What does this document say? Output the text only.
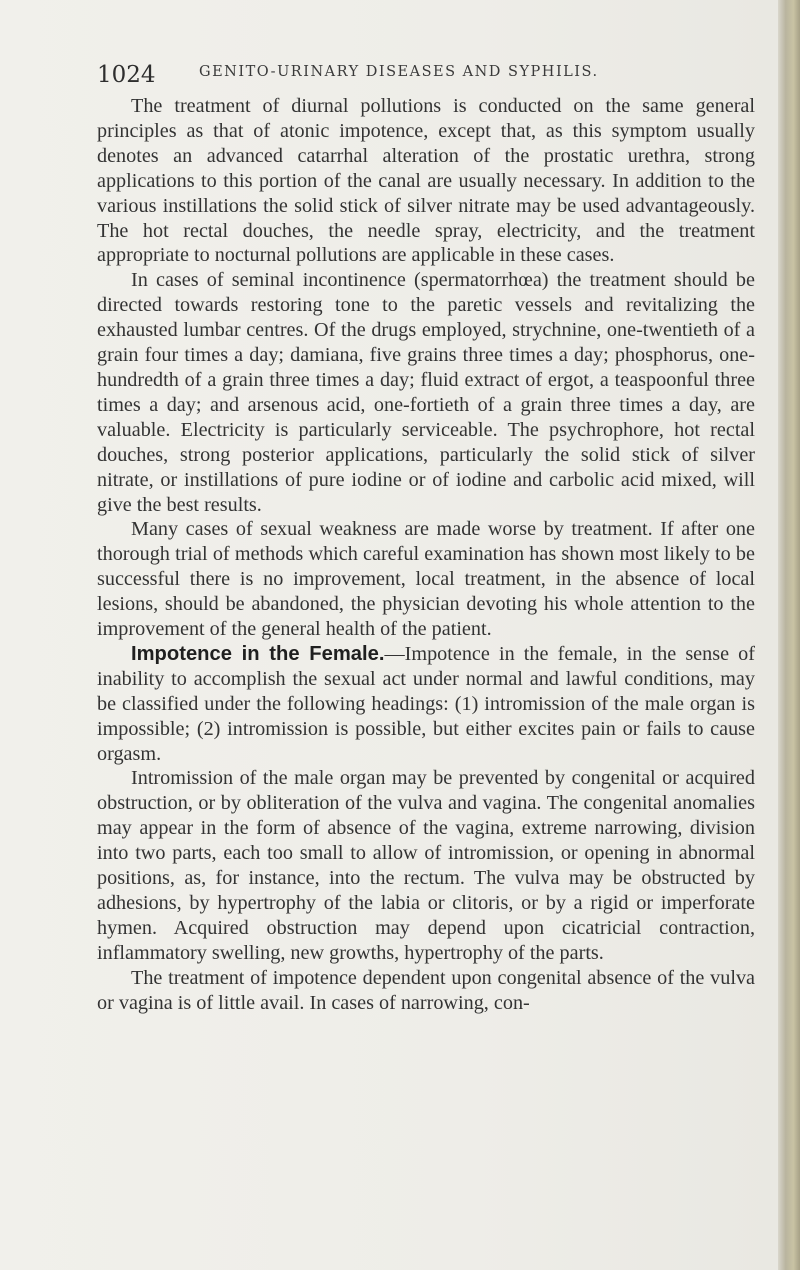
1024	GENITO-URINARY DISEASES AND SYPHILIS.

The treatment of diurnal pollutions is conducted on the same general principles as that of atonic impotence, except that, as this symptom usually denotes an advanced catarrhal alteration of the prostatic urethra, strong applications to this portion of the canal are usually necessary. In addition to the various instillations the solid stick of silver nitrate may be used advantageously. The hot rectal douches, the needle spray, electricity, and the treatment appropriate to nocturnal pollutions are applicable in these cases.

In cases of seminal incontinence (spermatorrhœa) the treatment should be directed towards restoring tone to the paretic vessels and revitalizing the exhausted lumbar centres. Of the drugs employed, strychnine, one-twentieth of a grain four times a day; damiana, five grains three times a day; phosphorus, one-hundredth of a grain three times a day; fluid extract of ergot, a teaspoonful three times a day; and arsenous acid, one-fortieth of a grain three times a day, are valuable. Electricity is particularly serviceable. The psychrophore, hot rectal douches, strong posterior applications, particularly the solid stick of silver nitrate, or instillations of pure iodine or of iodine and carbolic acid mixed, will give the best results.

Many cases of sexual weakness are made worse by treatment. If after one thorough trial of methods which careful examination has shown most likely to be successful there is no improvement, local treatment, in the absence of local lesions, should be abandoned, the physician devoting his whole attention to the improvement of the general health of the patient.

Impotence in the Female.—Impotence in the female, in the sense of inability to accomplish the sexual act under normal and lawful conditions, may be classified under the following headings: (1) intromission of the male organ is impossible; (2) intromission is possible, but either excites pain or fails to cause orgasm.

Intromission of the male organ may be prevented by congenital or acquired obstruction, or by obliteration of the vulva and vagina. The congenital anomalies may appear in the form of absence of the vagina, extreme narrowing, division into two parts, each too small to allow of intromission, or opening in abnormal positions, as, for instance, into the rectum. The vulva may be obstructed by adhesions, by hypertrophy of the labia or clitoris, or by a rigid or imperforate hymen. Acquired obstruction may depend upon cicatricial contraction, inflammatory swelling, new growths, hypertrophy of the parts.

The treatment of impotence dependent upon congenital absence of the vulva or vagina is of little avail. In cases of narrowing, con-
